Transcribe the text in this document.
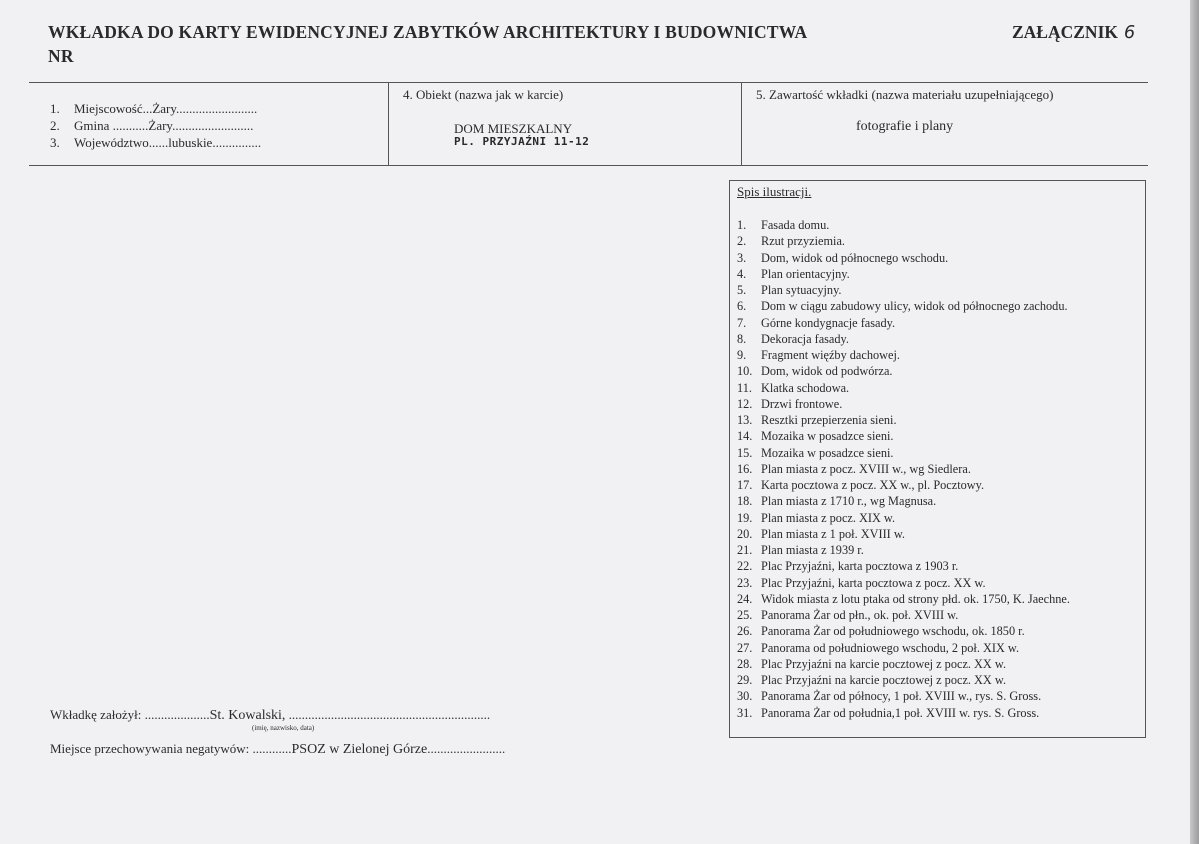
WKŁADKA DO KARTY EWIDENCYJNEJ ZABYTKÓW ARCHITEKTURY I BUDOWNICTWA
NR
ZAŁĄCZNIK 6
1. Miejscowość...Żary.........................
2. Gmina ...........Żary.........................
3. Województwo......lubuskie...............
4. Obiekt (nazwa jak w karcie)
DOM MIESZKALNY
PL. PRZYJAŹNI 11-12
5. Zawartość wkładki (nazwa materiału uzupełniającego)
fotografie i plany
Spis ilustracji.
1. Fasada domu.
2. Rzut przyziemia.
3. Dom, widok od północnego wschodu.
4. Plan orientacyjny.
5. Plan sytuacyjny.
6. Dom w ciągu zabudowy ulicy, widok od północnego zachodu.
7. Górne kondygnacje fasady.
8. Dekoracja fasady.
9. Fragment więźby dachowej.
10. Dom, widok od podwórza.
11. Klatka schodowa.
12. Drzwi frontowe.
13. Resztki przepierzenia sieni.
14. Mozaika w posadzce sieni.
15. Mozaika w posadzce sieni.
16. Plan miasta z pocz. XVIII w., wg Siedlera.
17. Karta pocztowa z pocz. XX w., pl. Pocztowy.
18. Plan miasta z 1710 r., wg Magnusa.
19. Plan miasta z pocz. XIX w.
20. Plan miasta z 1 poł. XVIII w.
21. Plan miasta z 1939 r.
22. Plac Przyjaźni, karta pocztowa z 1903 r.
23. Plac Przyjaźni, karta pocztowa z pocz. XX w.
24. Widok miasta z lotu ptaka od strony płd. ok. 1750, K. Jaechne.
25. Panorama Żar od płn., ok. poł. XVIII w.
26. Panorama Żar od południowego wschodu, ok. 1850 r.
27. Panorama od południowego wschodu, 2 poł. XIX w.
28. Plac Przyjaźni na karcie pocztowej z pocz. XX w.
29. Plac Przyjaźni na karcie pocztowej z pocz. XX w.
30. Panorama Żar od północy, 1 poł. XVIII w., rys. S. Gross.
31. Panorama Żar od południa,1 poł. XVIII w. rys. S. Gross.
Wkładkę założył: ....................St. Kowalski, ..............................................................
(imię, nazwisko, data)
Miejsce przechowywania negatywów: ............PSOZ w Zielonej Górze........................
